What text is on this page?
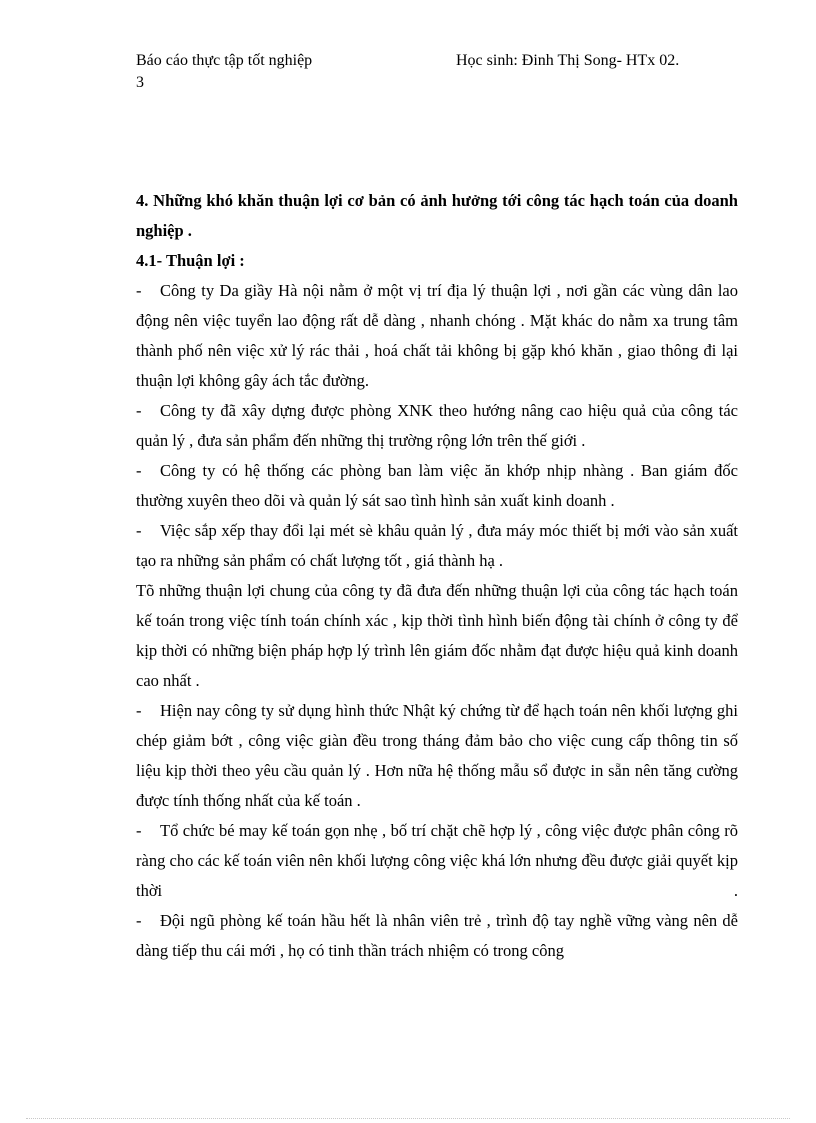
Báo cáo thực tập tốt nghiệp	Học sinh: Đinh Thị Song- HTx 02.
3

4. Những khó khăn thuận lợi cơ bản có ảnh hưởng tới công tác hạch toán của doanh nghiệp .

4.1- Thuận lợi :

- Công ty Da giầy Hà nội nằm ở một vị trí địa lý thuận lợi , nơi gần các vùng dân lao động nên việc tuyển lao động rất dễ dàng , nhanh chóng . Mặt khác do nằm xa trung tâm thành phố nên việc xử lý rác thải , hoá chất tải không bị gặp khó khăn , giao thông đi lại thuận lợi không gây ách tắc đường.

- Công ty đã xây dựng được phòng XNK theo hướng nâng cao hiệu quả của công tác quản lý , đưa sản phẩm đến những thị trường rộng lớn trên thế giới .

- Công ty có hệ thống các phòng ban làm việc ăn khớp nhịp nhàng . Ban giám đốc thường xuyên theo dõi và quản lý sát sao tình hình sản xuất kinh doanh .

- Việc sắp xếp thay đổi lại mét sè khâu quản lý , đưa máy móc thiết bị mới vào sản xuất tạo ra những sản phẩm có chất lượng tốt , giá thành hạ .

Tõ những thuận lợi chung của công ty đã đưa đến những thuận lợi của công tác hạch toán kế toán trong việc tính toán chính xác , kịp thời tình hình biến động tài chính ở công ty để kịp thời có những biện pháp hợp lý trình lên giám đốc nhằm đạt được hiệu quả kinh doanh cao nhất .

- Hiện nay công ty sử dụng hình thức Nhật ký chứng từ để hạch toán nên khối lượng ghi chép giảm bớt , công việc giàn đều trong tháng đảm bảo cho việc cung cấp thông tin số liệu kịp thời theo yêu cầu quản lý . Hơn nữa hệ thống mẫu sổ được in sẵn nên tăng cường được tính thống nhất của kế toán .

- Tổ chức bé may kế toán gọn nhẹ , bố trí chặt chẽ hợp lý , công việc được phân công rõ ràng cho các kế toán viên nên khối lượng công việc khá lớn nhưng đều được giải quyết kịp thời .

- Đội ngũ phòng kế toán hầu hết là nhân viên trẻ , trình độ tay nghề vững vàng nên dễ dàng tiếp thu cái mới , họ có tinh thần trách nhiệm có trong công
